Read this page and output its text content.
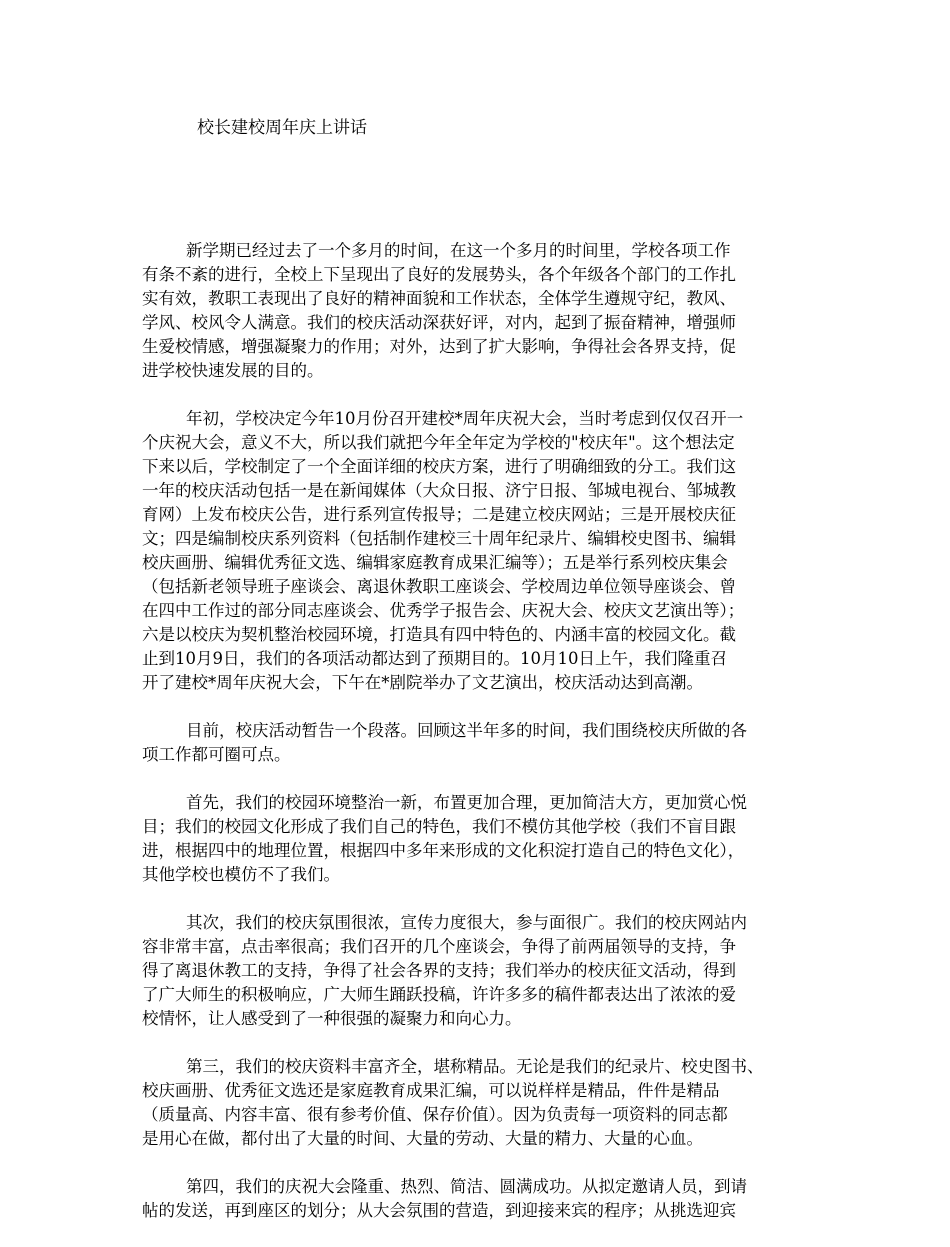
校长建校周年庆上讲话
新学期已经过去了一个多月的时间，在这一个多月的时间里，学校各项工作
有条不紊的进行，全校上下呈现出了良好的发展势头，各个年级各个部门的工作扎
实有效，教职工表现出了良好的精神面貌和工作状态，全体学生遵规守纪，教风、
学风、校风令人满意。我们的校庆活动深获好评，对内，起到了振奋精神，增强师
生爱校情感，增强凝聚力的作用；对外，达到了扩大影响，争得社会各界支持，促
进学校快速发展的目的。
年初，学校决定今年10月份召开建校*周年庆祝大会，当时考虑到仅仅召开一
个庆祝大会，意义不大，所以我们就把今年全年定为学校的"校庆年"。这个想法定
下来以后，学校制定了一个全面详细的校庆方案，进行了明确细致的分工。我们这
一年的校庆活动包括一是在新闻媒体（大众日报、济宁日报、邹城电视台、邹城教
育网）上发布校庆公告，进行系列宣传报导；二是建立校庆网站；三是开展校庆征
文；四是编制校庆系列资料（包括制作建校三十周年纪录片、编辑校史图书、编辑
校庆画册、编辑优秀征文选、编辑家庭教育成果汇编等）；五是举行系列校庆集会
（包括新老领导班子座谈会、离退休教职工座谈会、学校周边单位领导座谈会、曾
在四中工作过的部分同志座谈会、优秀学子报告会、庆祝大会、校庆文艺演出等）；
六是以校庆为契机整治校园环境，打造具有四中特色的、内涵丰富的校园文化。截
止到10月9日，我们的各项活动都达到了预期目的。10月10日上午，我们隆重召
开了建校*周年庆祝大会，下午在*剧院举办了文艺演出，校庆活动达到高潮。
目前，校庆活动暂告一个段落。回顾这半年多的时间，我们围绕校庆所做的各
项工作都可圈可点。
首先，我们的校园环境整治一新，布置更加合理，更加简洁大方，更加赏心悦
目；我们的校园文化形成了我们自己的特色，我们不模仿其他学校（我们不盲目跟
进，根据四中的地理位置，根据四中多年来形成的文化积淀打造自己的特色文化），
其他学校也模仿不了我们。
其次，我们的校庆氛围很浓，宣传力度很大，参与面很广。我们的校庆网站内
容非常丰富，点击率很高；我们召开的几个座谈会，争得了前两届领导的支持，争
得了离退休教工的支持，争得了社会各界的支持；我们举办的校庆征文活动，得到
了广大师生的积极响应，广大师生踊跃投稿，许许多多的稿件都表达出了浓浓的爱
校情怀，让人感受到了一种很强的凝聚力和向心力。
第三，我们的校庆资料丰富齐全，堪称精品。无论是我们的纪录片、校史图书、
校庆画册、优秀征文选还是家庭教育成果汇编，可以说样样是精品，件件是精品
（质量高、内容丰富、很有参考价值、保存价值）。因为负责每一项资料的同志都
是用心在做，都付出了大量的时间、大量的劳动、大量的精力、大量的心血。
第四，我们的庆祝大会隆重、热烈、简洁、圆满成功。从拟定邀请人员，到请
帖的发送，再到座区的划分；从大会氛围的营造，到迎接来宾的程序；从挑选迎宾
